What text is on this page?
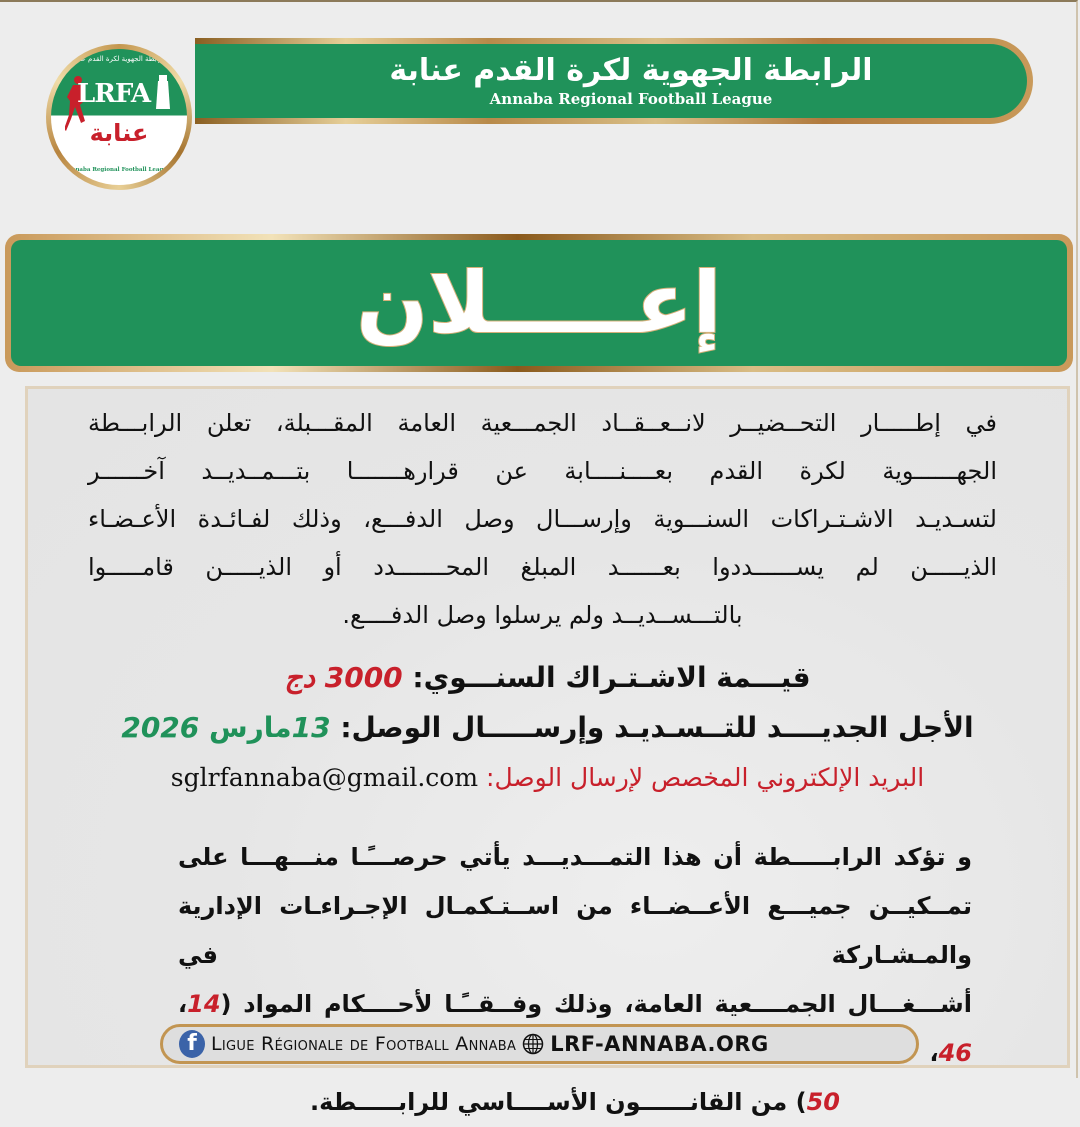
الرابطة الجهوية لكرة القدم عنابة
Annaba Regional Football League
الرابطة الجهوية لكرة القدم عنابة
LRFA
عنابة
Annaba Regional Football League
إعـــــلان
في إطـــــار التحــضيــر لانــعــقــاد الجمـــعية العامة المقـــبلة، تعلن الرابـــطة
الجهــــــوية لكرة القدم بعــــنــــابة عن قرارهـــــــا بتـــمــديــد آخــــــر
لتسـديـد الاشـتـراكات السنـــوية وإرســـال وصل الدفـــع، وذلك لفـائـدة الأعـضـاء
الذيـــــن لم يســــــددوا بعــــــد المبلغ المحـــــــدد أو الذيـــــن قامـــــوا
بالتـــســديــد ولم يرسلوا وصل الدفــــع.
قيـــمة الاشـتـراك السنـــوي: 3000 دج
الأجل الجديــــد للتــسـديـد وإرســـــال الوصل: 13مارس 2026
البريد الإلكتروني المخصص لإرسال الوصل: sglrfannaba@gmail.com
و تؤكد الرابـــــطة أن هذا التمـــديـــد يأتي حرصـــًـا منـــهـــا على
تمــكيــن جميـــع الأعــضــاء من اســتـكمـال الإجـراءـات الإدارية والمـشـاركة في
أشـــغـــال الجمــــعية العامة، وذلك وفــقــًـا لأحــــكام المواد (14، 46،
50) من القانــــــون الأســــاسي للرابـــــطة.
f Ligue Régionale de Football Annaba LRF-ANNABA.ORG
